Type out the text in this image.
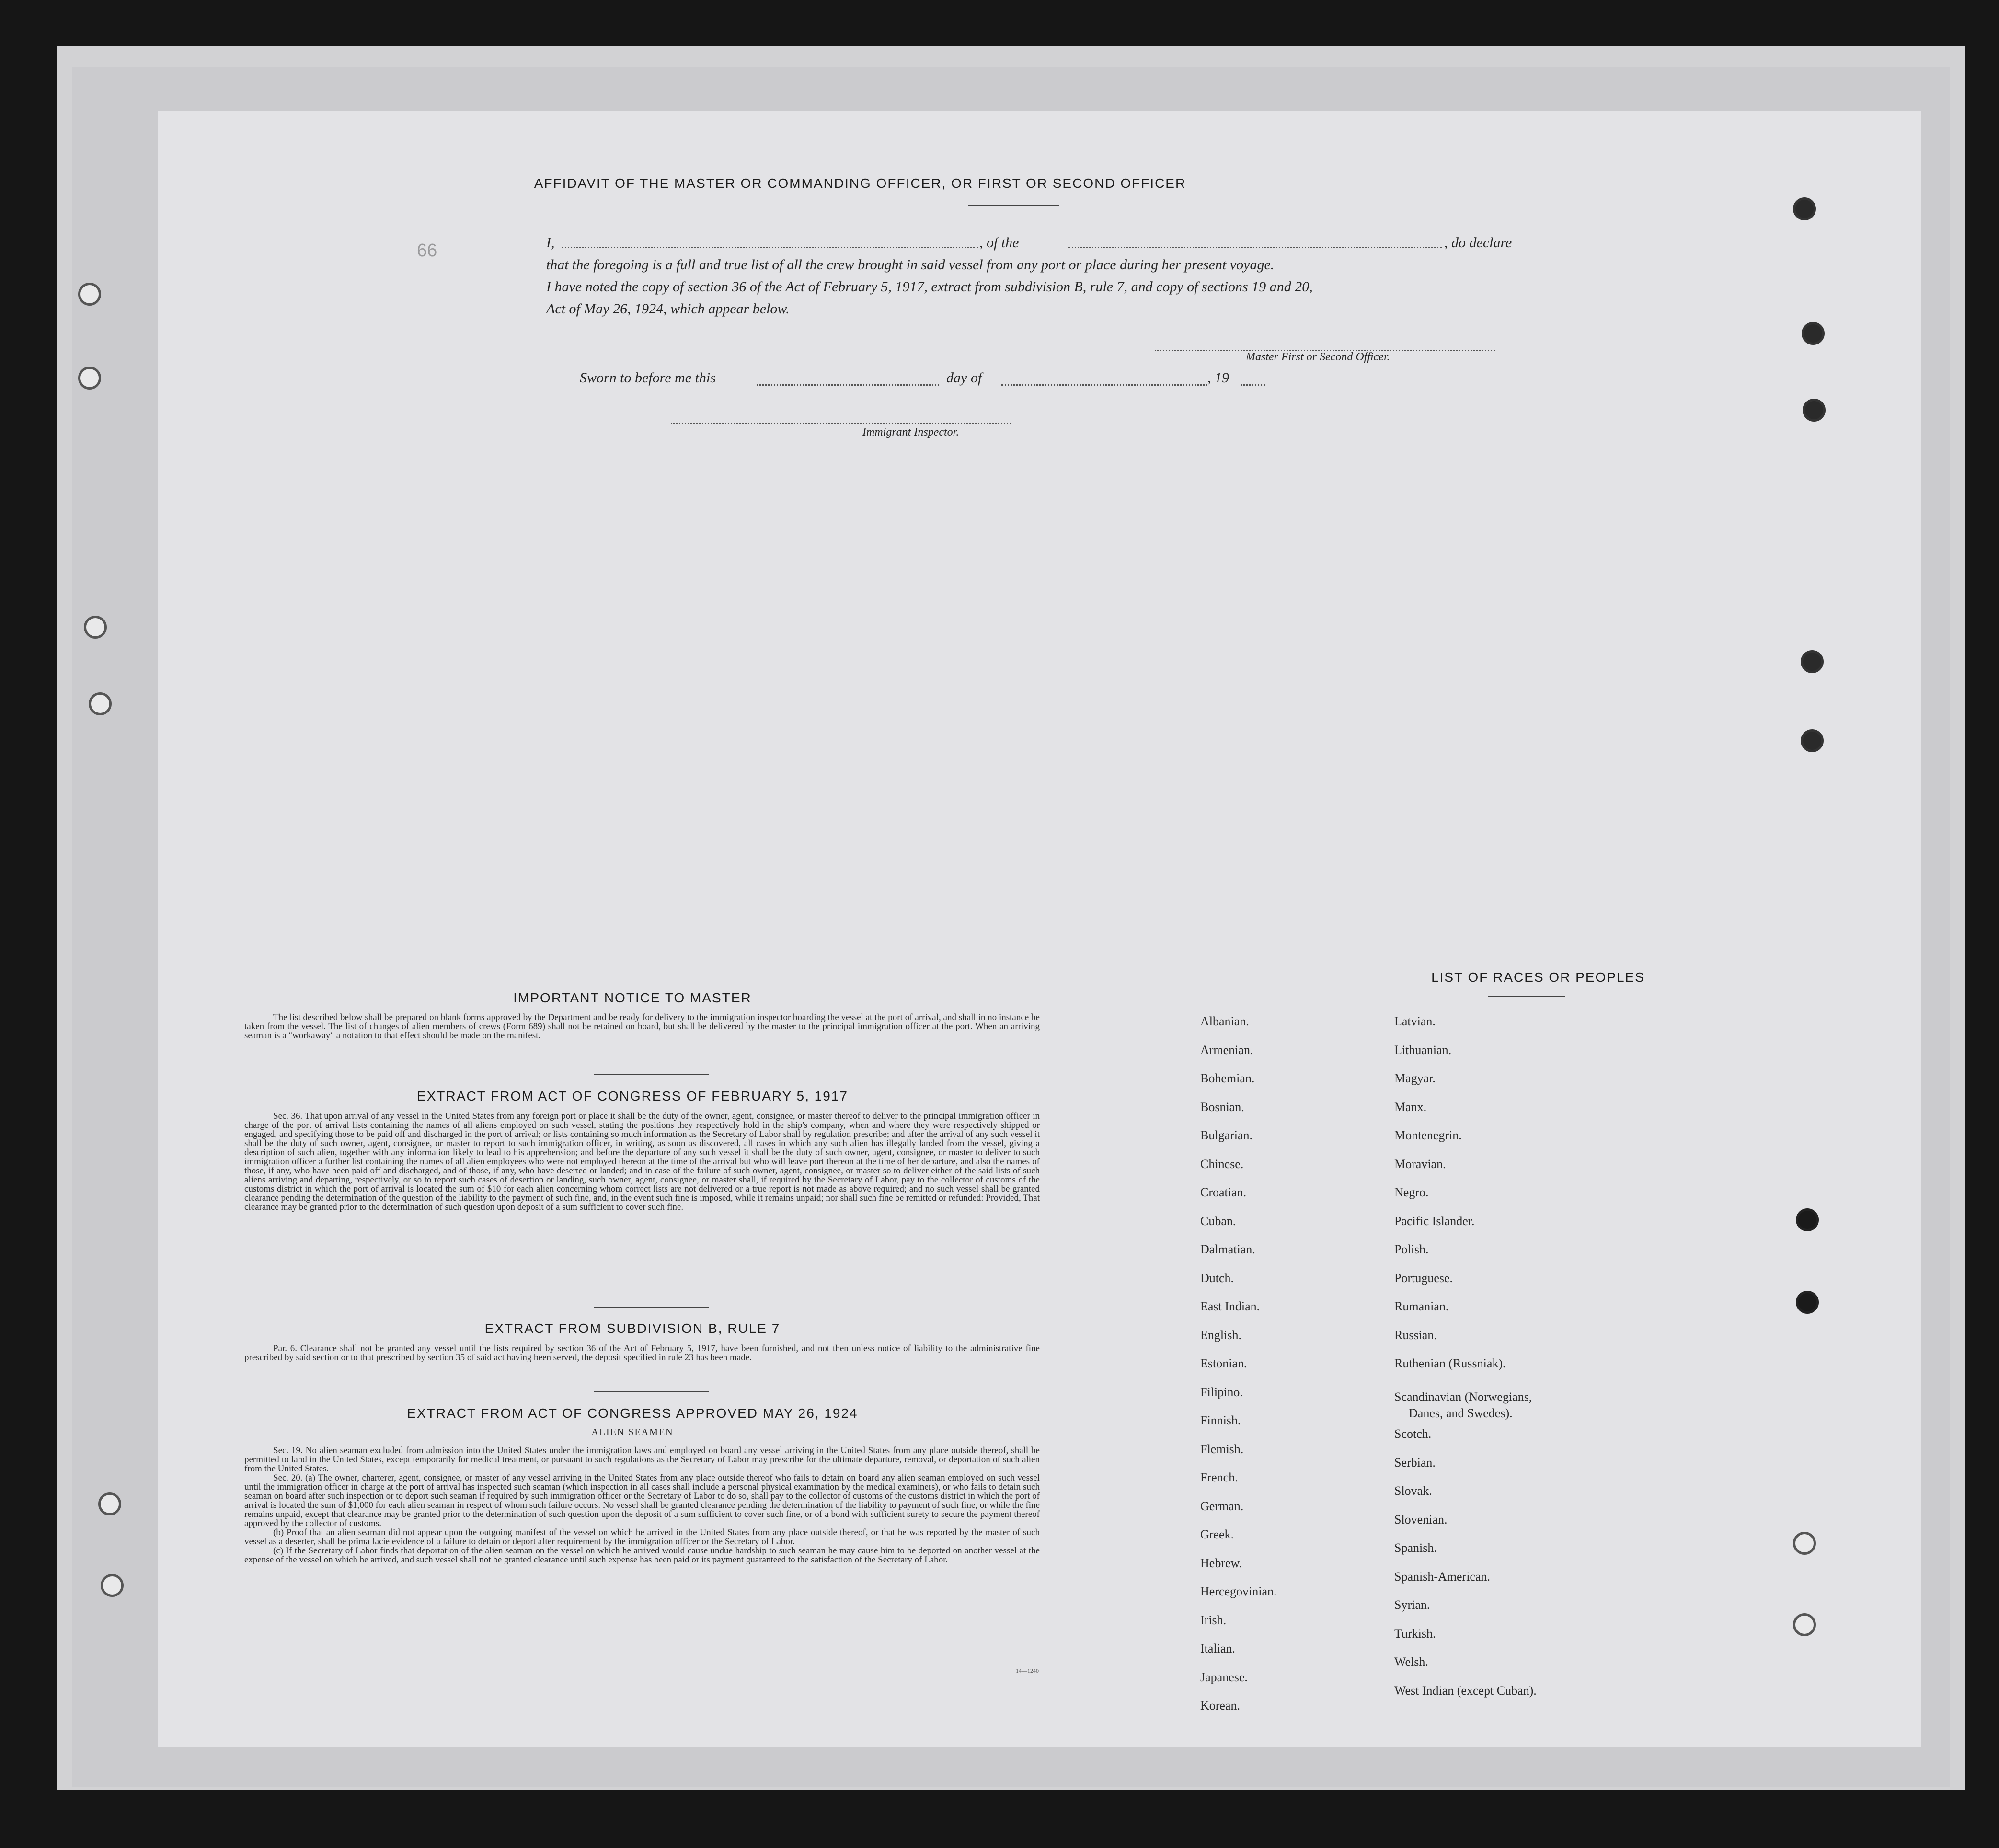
66
AFFIDAVIT OF THE MASTER OR COMMANDING OFFICER, OR FIRST OR SECOND OFFICER
I,	, of the	, do declare
that the foregoing is a full and true list of all the crew brought in said vessel from any port or place during her present voyage.
I have noted the copy of section 36 of the Act of February 5, 1917, extract from subdivision B, rule 7, and copy of sections 19 and 20,
Act of May 26, 1924, which appear below.
Master First or Second Officer.
Sworn to before me this	day of	, 19
Immigrant Inspector.
IMPORTANT NOTICE TO MASTER

The list described below shall be prepared on blank forms approved by the Department and be ready for delivery to the immigration inspector boarding the vessel at the port of arrival, and shall in no instance be taken from the vessel. The list of changes of alien members of crews (Form 689) shall not be retained on board, but shall be delivered by the master to the principal immigration officer at the port. When an arriving seaman is a "workaway" a notation to that effect should be made on the manifest.

EXTRACT FROM ACT OF CONGRESS OF FEBRUARY 5, 1917

Sec. 36. That upon arrival of any vessel in the United States from any foreign port or place it shall be the duty of the owner, agent, consignee, or master thereof to deliver to the principal immigration officer in charge of the port of arrival lists containing the names of all aliens employed on such vessel, stating the positions they respectively hold in the ship's company, when and where they were respectively shipped or engaged, and specifying those to be paid off and discharged in the port of arrival; or lists containing so much information as the Secretary of Labor shall by regulation prescribe; and after the arrival of any such vessel it shall be the duty of such owner, agent, consignee, or master to report to such immigration officer, in writing, as soon as discovered, all cases in which any such alien has illegally landed from the vessel, giving a description of such alien, together with any information likely to lead to his apprehension; and before the departure of any such vessel it shall be the duty of such owner, agent, consignee, or master to deliver to such immigration officer a further list containing the names of all alien employees who were not employed thereon at the time of the arrival but who will leave port thereon at the time of her departure, and also the names of those, if any, who have been paid off and discharged, and of those, if any, who have deserted or landed; and in case of the failure of such owner, agent, consignee, or master so to deliver either of the said lists of such aliens arriving and departing, respectively, or so to report such cases of desertion or landing, such owner, agent, consignee, or master shall, if required by the Secretary of Labor, pay to the collector of customs of the customs district in which the port of arrival is located the sum of $10 for each alien concerning whom correct lists are not delivered or a true report is not made as above required; and no such vessel shall be granted clearance pending the determination of the question of the liability to the payment of such fine, and, in the event such fine is imposed, while it remains unpaid; nor shall such fine be remitted or refunded: Provided, That clearance may be granted prior to the determination of such question upon deposit of a sum sufficient to cover such fine.

EXTRACT FROM SUBDIVISION B, RULE 7

Par. 6. Clearance shall not be granted any vessel until the lists required by section 36 of the Act of February 5, 1917, have been furnished, and not then unless notice of liability to the administrative fine prescribed by said section or to that prescribed by section 35 of said act having been served, the deposit specified in rule 23 has been made.

EXTRACT FROM ACT OF CONGRESS APPROVED MAY 26, 1924
ALIEN SEAMEN

Sec. 19. No alien seaman excluded from admission into the United States under the immigration laws and employed on board any vessel arriving in the United States from any place outside thereof, shall be permitted to land in the United States, except temporarily for medical treatment, or pursuant to such regulations as the Secretary of Labor may prescribe for the ultimate departure, removal, or deportation of such alien from the United States.

Sec. 20. (a) The owner, charterer, agent, consignee, or master of any vessel arriving in the United States from any place outside thereof who fails to detain on board any alien seaman employed on such vessel until the immigration officer in charge at the port of arrival has inspected such seaman (which inspection in all cases shall include a personal physical examination by the medical examiners), or who fails to detain such seaman on board after such inspection or to deport such seaman if required by such immigration officer or the Secretary of Labor to do so, shall pay to the collector of customs of the customs district in which the port of arrival is located the sum of $1,000 for each alien seaman in respect of whom such failure occurs. No vessel shall be granted clearance pending the determination of the liability to payment of such fine, or while the fine remains unpaid, except that clearance may be granted prior to the determination of such question upon the deposit of a sum sufficient to cover such fine, or of a bond with sufficient surety to secure the payment thereof approved by the collector of customs.

(b) Proof that an alien seaman did not appear upon the outgoing manifest of the vessel on which he arrived in the United States from any place outside thereof, or that he was reported by the master of such vessel as a deserter, shall be prima facie evidence of a failure to detain or deport after requirement by the immigration officer or the Secretary of Labor.

(c) If the Secretary of Labor finds that deportation of the alien seaman on the vessel on which he arrived would cause undue hardship to such seaman he may cause him to be deported on another vessel at the expense of the vessel on which he arrived, and such vessel shall not be granted clearance until such expense has been paid or its payment guaranteed to the satisfaction of the Secretary of Labor.

14—1240
LIST OF RACES OR PEOPLES
Albanian.
Armenian.
Bohemian.
Bosnian.
Bulgarian.
Chinese.
Croatian.
Cuban.
Dalmatian.
Dutch.
East Indian.
English.
Estonian.
Filipino.
Finnish.
Flemish.
French.
German.
Greek.
Hebrew.
Hercegovinian.
Irish.
Italian.
Japanese.
Korean.
Latvian.
Lithuanian.
Magyar.
Manx.
Montenegrin.
Moravian.
Negro.
Pacific Islander.
Polish.
Portuguese.
Rumanian.
Russian.
Ruthenian (Russniak).
Scandinavian (Norwegians,
Danes, and Swedes).
Scotch.
Serbian.
Slovak.
Slovenian.
Spanish.
Spanish-American.
Syrian.
Turkish.
Welsh.
West Indian (except Cuban).
